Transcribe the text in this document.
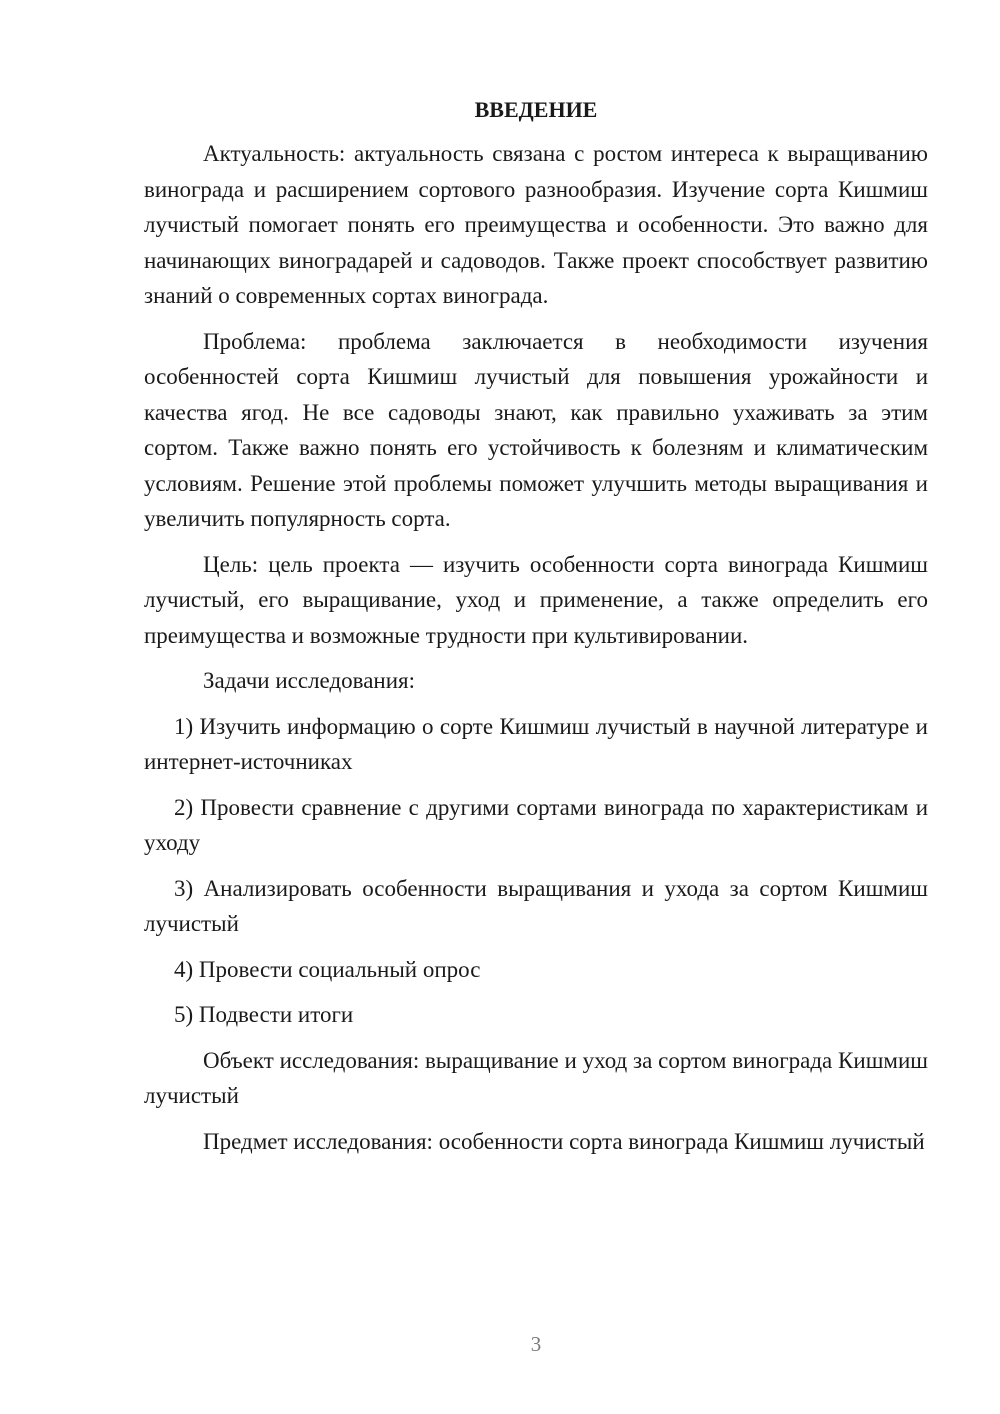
ВВЕДЕНИЕ

Актуальность: актуальность связана с ростом интереса к выращиванию винограда и расширением сортового разнообразия. Изучение сорта Кишмиш лучистый помогает понять его преимущества и особенности. Это важно для начинающих виноградарей и садоводов. Также проект способствует развитию знаний о современных сортах винограда.

Проблема: проблема заключается в необходимости изучения особенностей сорта Кишмиш лучистый для повышения урожайности и качества ягод. Не все садоводы знают, как правильно ухаживать за этим сортом. Также важно понять его устойчивость к болезням и климатическим условиям. Решение этой проблемы поможет улучшить методы выращивания и увеличить популярность сорта.

Цель: цель проекта — изучить особенности сорта винограда Кишмиш лучистый, его выращивание, уход и применение, а также определить его преимущества и возможные трудности при культивировании.

Задачи исследования:

1) Изучить информацию о сорте Кишмиш лучистый в научной литературе и интернет-источниках

2) Провести сравнение с другими сортами винограда по характеристикам и уходу

3) Анализировать особенности выращивания и ухода за сортом Кишмиш лучистый

4) Провести социальный опрос

5) Подвести итоги

Объект исследования: выращивание и уход за сортом винограда Кишмиш лучистый

Предмет исследования: особенности сорта винограда Кишмиш лучистый

3
